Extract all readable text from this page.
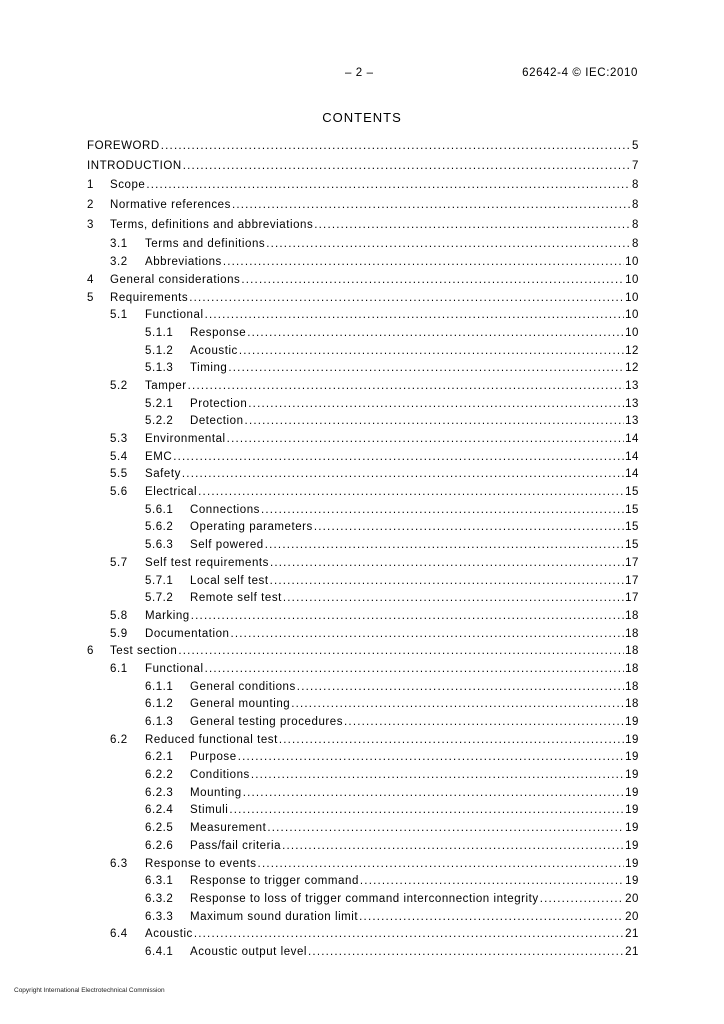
– 2 –	62642-4 © IEC:2010
CONTENTS
FOREWORD .....	5
INTRODUCTION .....	7
1	Scope .....	8
2	Normative references .....	8
3	Terms, definitions and abbreviations .....	8
3.1	Terms and definitions .....	8
3.2	Abbreviations .....	10
4	General considerations .....	10
5	Requirements .....	10
5.1	Functional .....	10
5.1.1	Response .....	10
5.1.2	Acoustic .....	12
5.1.3	Timing .....	12
5.2	Tamper .....	13
5.2.1	Protection .....	13
5.2.2	Detection .....	13
5.3	Environmental .....	14
5.4	EMC .....	14
5.5	Safety .....	14
5.6	Electrical .....	15
5.6.1	Connections .....	15
5.6.2	Operating parameters .....	15
5.6.3	Self powered .....	15
5.7	Self test requirements .....	17
5.7.1	Local self test .....	17
5.7.2	Remote self test .....	17
5.8	Marking .....	18
5.9	Documentation .....	18
6	Test section .....	18
6.1	Functional .....	18
6.1.1	General conditions .....	18
6.1.2	General mounting .....	18
6.1.3	General testing procedures .....	19
6.2	Reduced functional test .....	19
6.2.1	Purpose .....	19
6.2.2	Conditions .....	19
6.2.3	Mounting .....	19
6.2.4	Stimuli .....	19
6.2.5	Measurement .....	19
6.2.6	Pass/fail criteria .....	19
6.3	Response to events .....	19
6.3.1	Response to trigger command .....	19
6.3.2	Response to loss of trigger command interconnection integrity .....	20
6.3.3	Maximum sound duration limit .....	20
6.4	Acoustic .....	21
6.4.1	Acoustic output level .....	21
Copyright International Electrotechnical Commission
